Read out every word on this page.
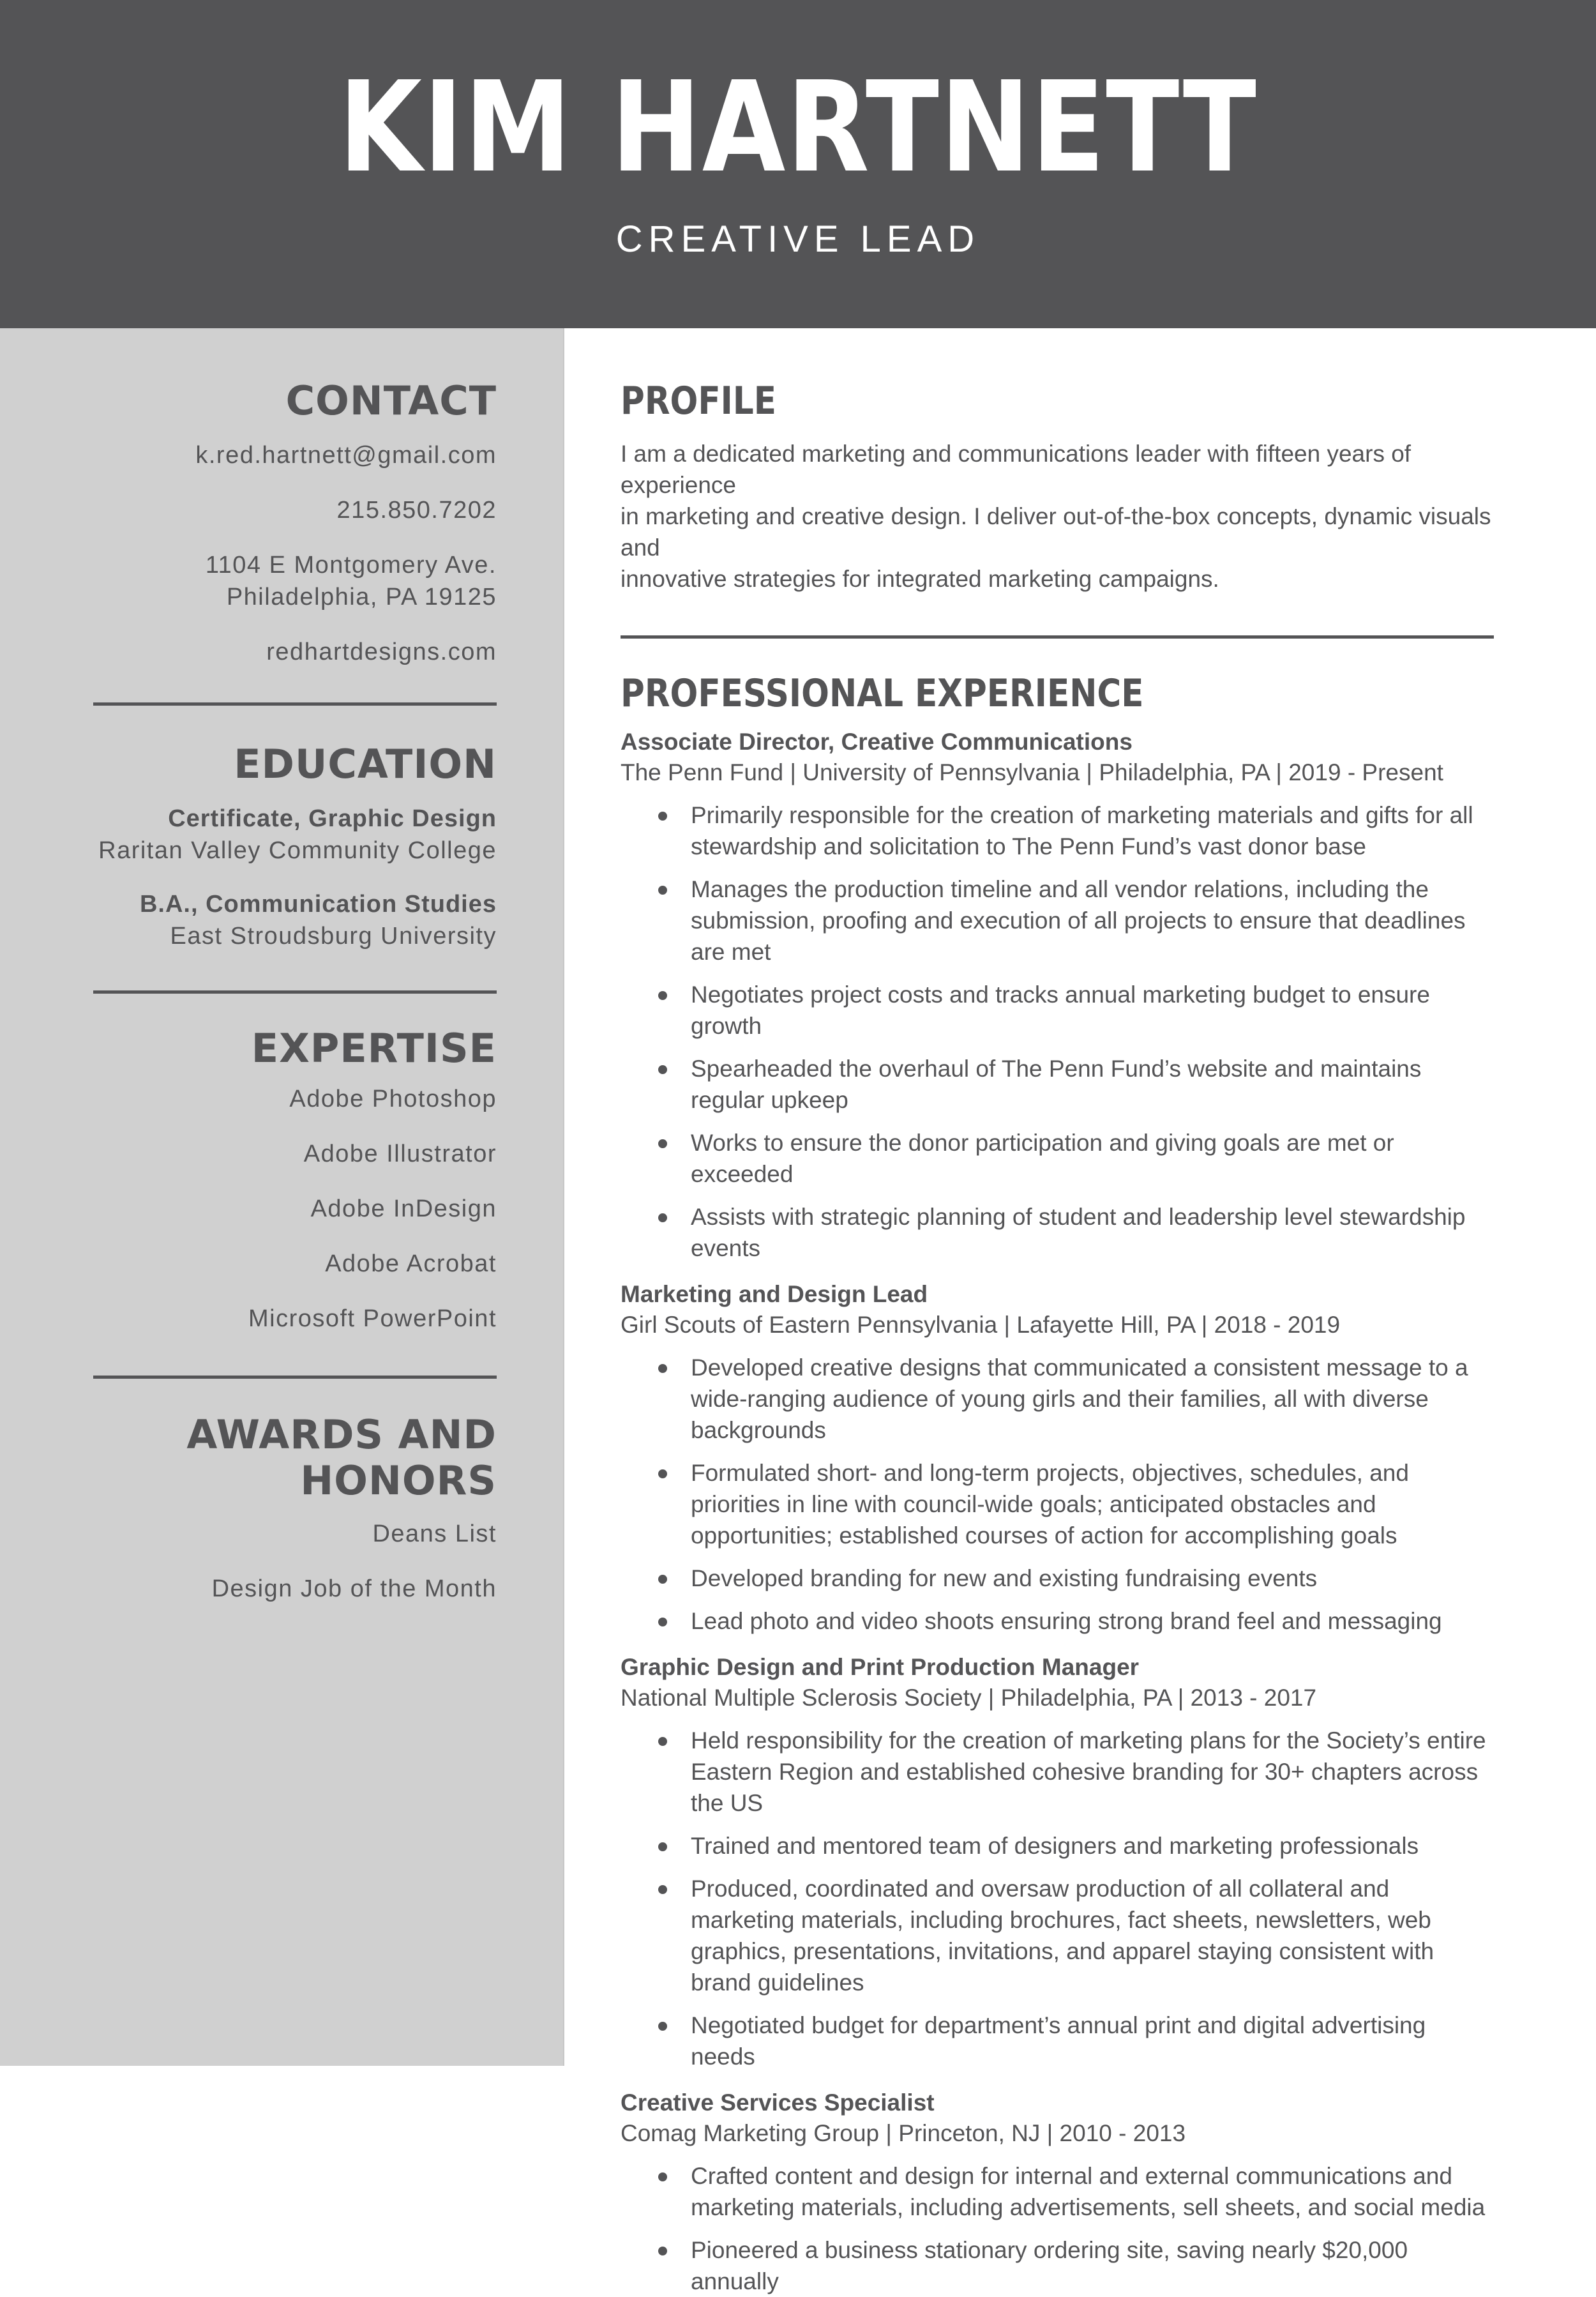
KIM HARTNETT
CREATIVE LEAD
CONTACT
k.red.hartnett@gmail.com
215.850.7202
1104 E Montgomery Ave.
Philadelphia, PA 19125
redhartdesigns.com
EDUCATION
Certificate, Graphic Design
Raritan Valley Community College
B.A., Communication Studies
East Stroudsburg University
EXPERTISE
Adobe Photoshop
Adobe Illustrator
Adobe InDesign
Adobe Acrobat
Microsoft PowerPoint
AWARDS AND HONORS
Deans List
Design Job of the Month
PROFILE
I am a dedicated marketing and communications leader with fifteen years of experience
in marketing and creative design. I deliver out-of-the-box concepts, dynamic visuals and
innovative strategies for integrated marketing campaigns.
PROFESSIONAL EXPERIENCE
Associate Director, Creative Communications
The Penn Fund | University of Pennsylvania | Philadelphia, PA | 2019 - Present
Primarily responsible for the creation of marketing materials and gifts for all stewardship and solicitation to The Penn Fund’s vast donor base
Manages the production timeline and all vendor relations, including the submission, proofing and execution of all projects to ensure that deadlines are met
Negotiates project costs and tracks annual marketing budget to ensure growth
Spearheaded the overhaul of The Penn Fund’s website and maintains regular upkeep
Works to ensure the donor participation and giving goals are met or exceeded
Assists with strategic planning of student and leadership level stewardship events
Marketing and Design Lead
Girl Scouts of Eastern Pennsylvania | Lafayette Hill, PA | 2018 - 2019
Developed creative designs that communicated a consistent message to a wide-ranging audience of young girls and their families, all with diverse backgrounds
Formulated short- and long-term projects, objectives, schedules, and priorities in line with council-wide goals; anticipated obstacles and opportunities; established courses of action for accomplishing goals
Developed branding for new and existing fundraising events
Lead photo and video shoots ensuring strong brand feel and messaging
Graphic Design and Print Production Manager
National Multiple Sclerosis Society | Philadelphia, PA | 2013 - 2017
Held responsibility for the creation of marketing plans for the Society’s entire Eastern Region and established cohesive branding for 30+ chapters across the US
Trained and mentored team of designers and marketing professionals
Produced, coordinated and oversaw production of all collateral and marketing materials, including brochures, fact sheets, newsletters, web graphics, presentations, invitations, and apparel staying consistent with brand guidelines
Negotiated budget for department’s annual print and digital advertising needs
Creative Services Specialist
Comag Marketing Group | Princeton, NJ | 2010 - 2013
Crafted content and design for internal and external communications and marketing materials, including advertisements, sell sheets, and social media
Pioneered a business stationary ordering site, saving nearly $20,000 annually
